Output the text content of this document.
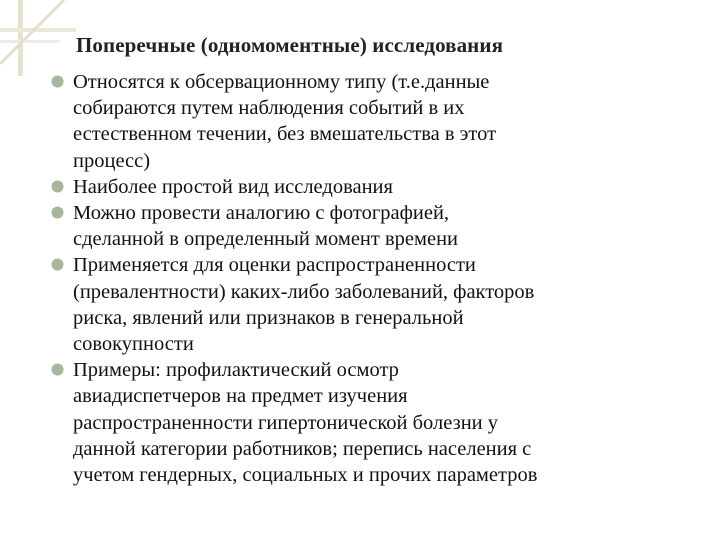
Поперечные (одномоментные) исследования
Относятся к обсервационному типу (т.е.данные
собираются путем наблюдения событий в их
естественном течении, без вмешательства в этот
процесс)
Наиболее простой вид исследования
Можно провести аналогию с фотографией,
сделанной в определенный момент времени
Применяется для оценки распространенности
(превалентности) каких-либо заболеваний, факторов
риска, явлений или признаков в генеральной
совокупности
Примеры: профилактический осмотр
авиадиспетчеров на предмет изучения
распространенности гипертонической болезни у
данной категории работников; перепись населения с
учетом гендерных, социальных и прочих параметров
